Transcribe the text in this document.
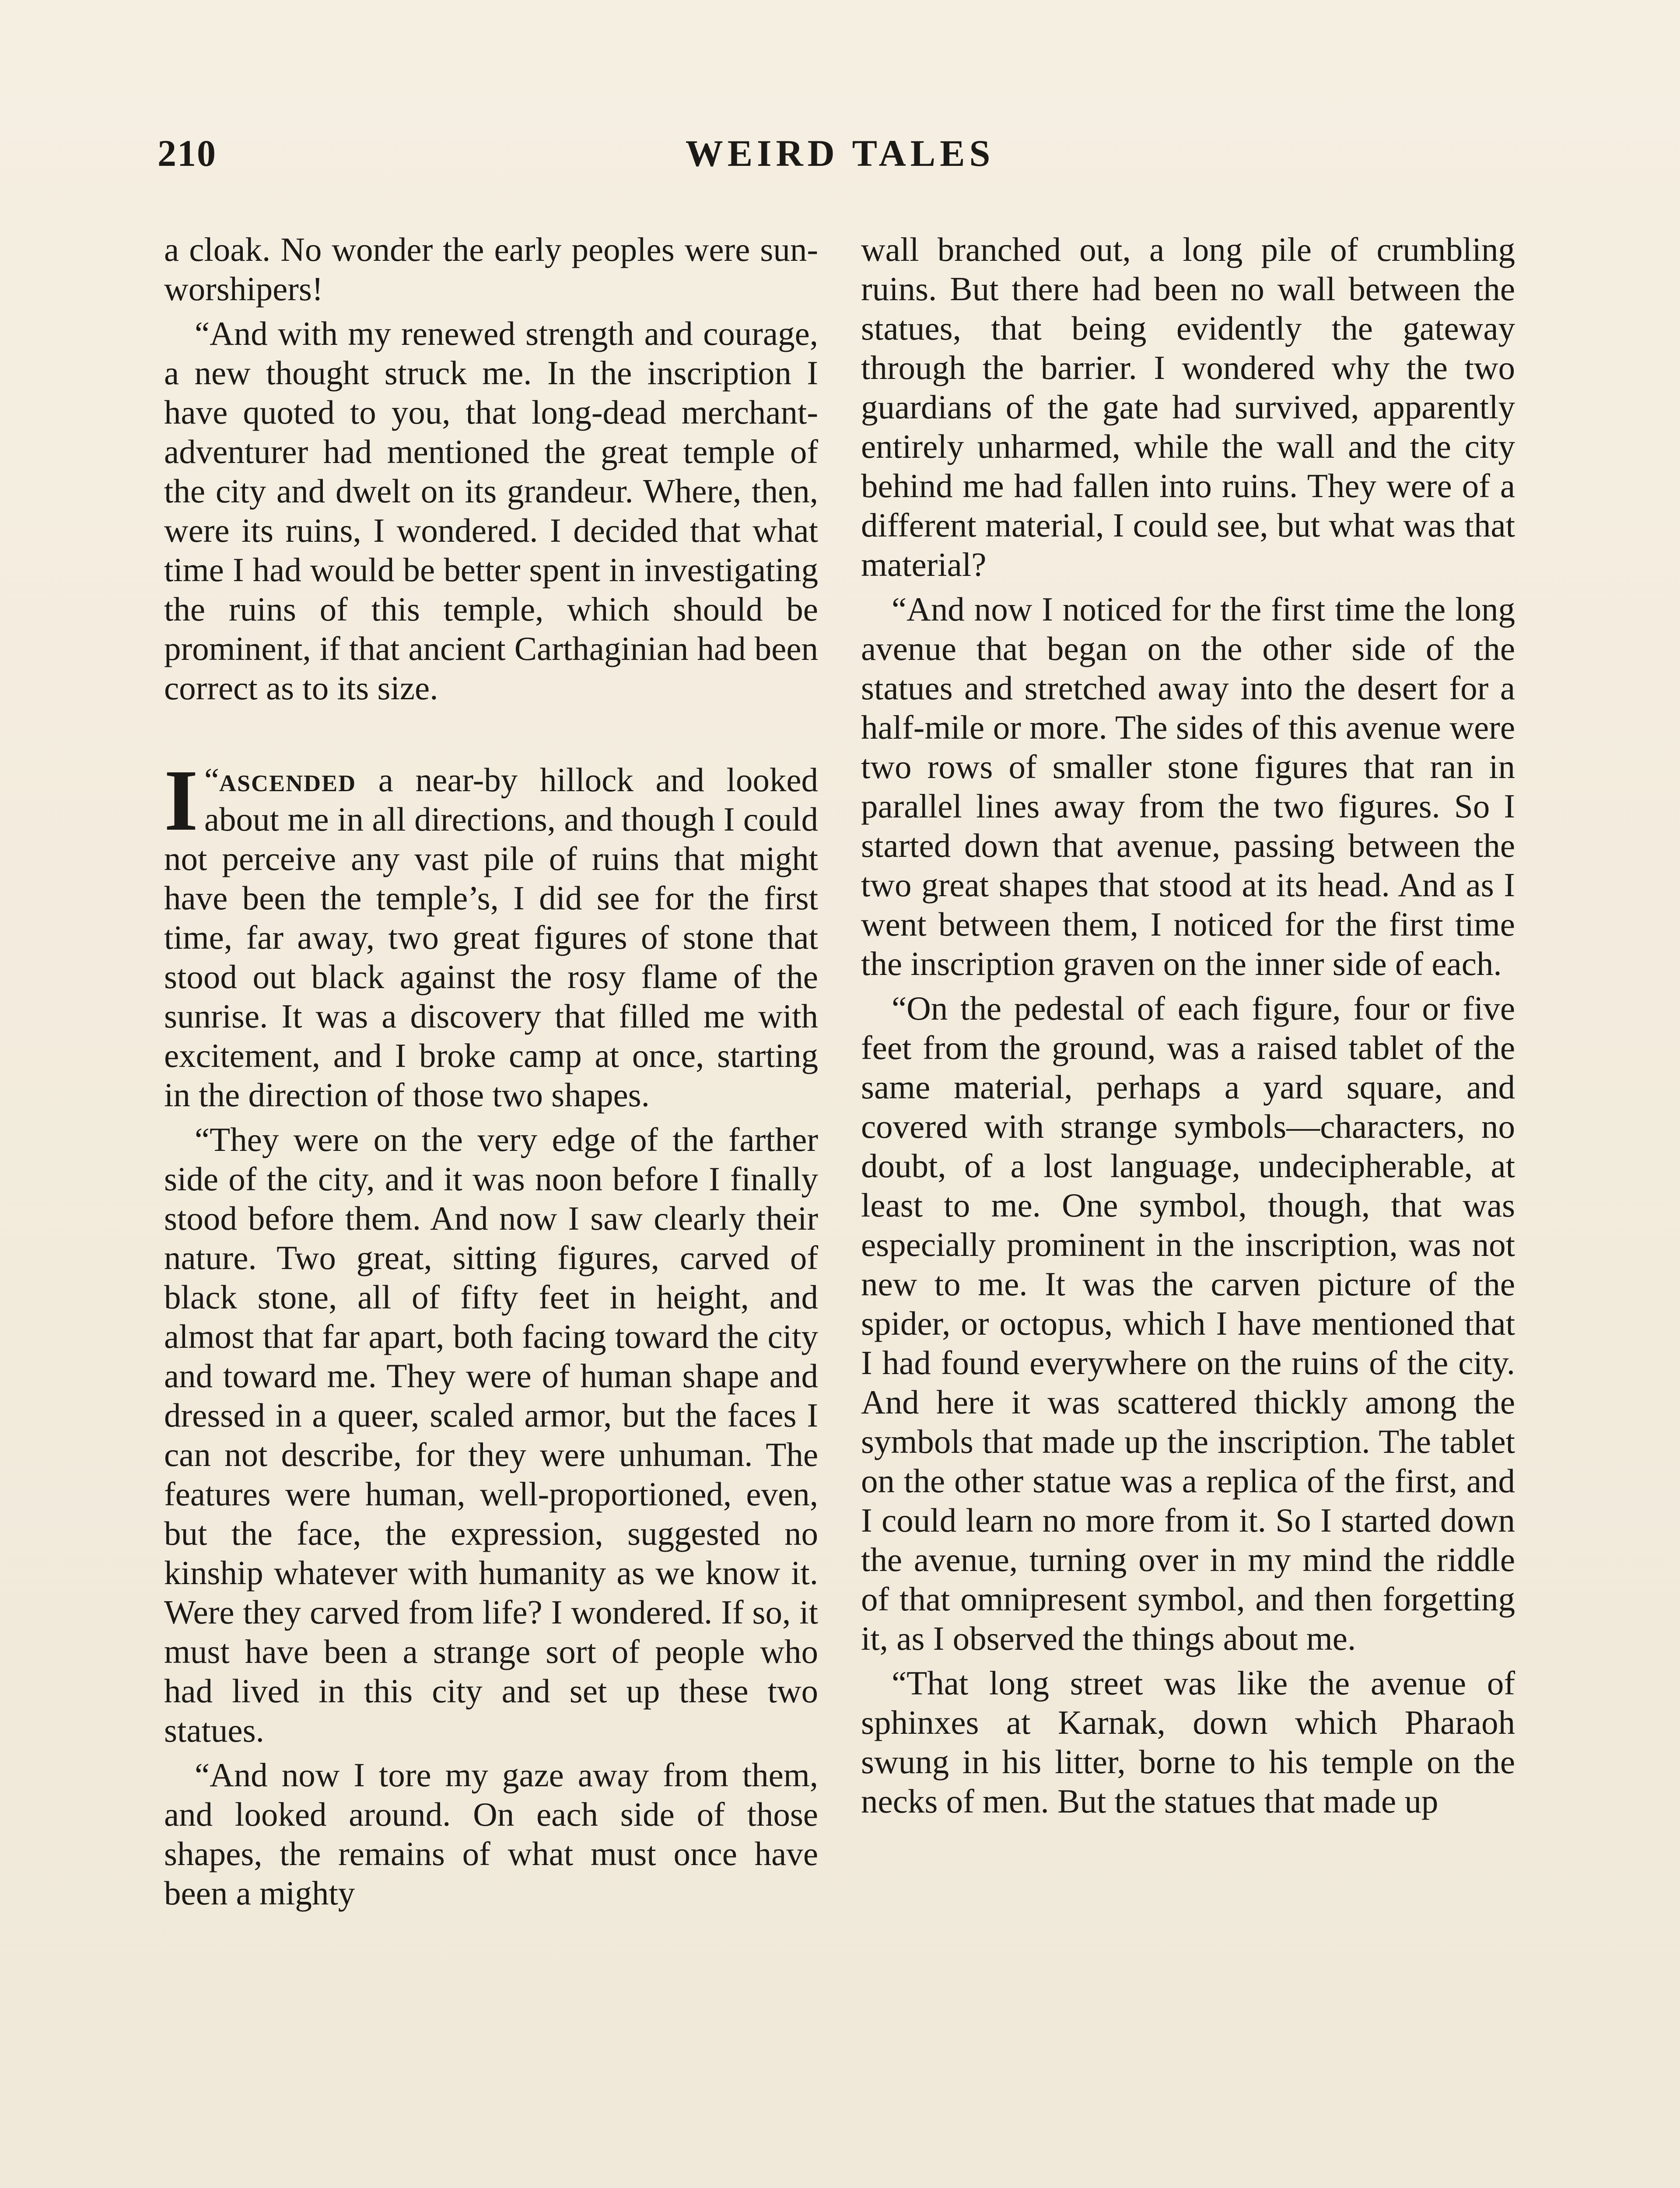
210	WEIRD TALES

a cloak. No wonder the early peoples were sun-worshipers!

“And with my renewed strength and courage, a new thought struck me. In the inscription I have quoted to you, that long-dead merchant-adventurer had mentioned the great temple of the city and dwelt on its grandeur. Where, then, were its ruins, I wondered. I decided that what time I had would be better spent in investigating the ruins of this temple, which should be prominent, if that ancient Carthaginian had been correct as to its size.

“
I ascended a near-by hillock and looked about me in all directions, and though I could not perceive any vast pile of ruins that might have been the temple’s, I did see for the first time, far away, two great figures of stone that stood out black against the rosy flame of the sunrise. It was a discovery that filled me with excitement, and I broke camp at once, starting in the direction of those two shapes.

“They were on the very edge of the farther side of the city, and it was noon before I finally stood before them. And now I saw clearly their nature. Two great, sitting figures, carved of black stone, all of fifty feet in height, and almost that far apart, both facing toward the city and toward me. They were of human shape and dressed in a queer, scaled armor, but the faces I can not describe, for they were unhuman. The features were human, well-proportioned, even, but the face, the expression, suggested no kinship whatever with humanity as we know it. Were they carved from life? I wondered. If so, it must have been a strange sort of people who had lived in this city and set up these two statues.

“And now I tore my gaze away from them, and looked around. On each side of those shapes, the remains of what must once have been a mighty

wall branched out, a long pile of crumbling ruins. But there had been no wall between the statues, that being evidently the gateway through the barrier. I wondered why the two guardians of the gate had survived, apparently entirely unharmed, while the wall and the city behind me had fallen into ruins. They were of a different material, I could see, but what was that material?

“And now I noticed for the first time the long avenue that began on the other side of the statues and stretched away into the desert for a half-mile or more. The sides of this avenue were two rows of smaller stone figures that ran in parallel lines away from the two figures. So I started down that avenue, passing between the two great shapes that stood at its head. And as I went between them, I noticed for the first time the inscription graven on the inner side of each.

“On the pedestal of each figure, four or five feet from the ground, was a raised tablet of the same material, perhaps a yard square, and covered with strange symbols—characters, no doubt, of a lost language, undecipherable, at least to me. One symbol, though, that was especially prominent in the inscription, was not new to me. It was the carven picture of the spider, or octopus, which I have mentioned that I had found everywhere on the ruins of the city. And here it was scattered thickly among the symbols that made up the inscription. The tablet on the other statue was a replica of the first, and I could learn no more from it. So I started down the avenue, turning over in my mind the riddle of that omnipresent symbol, and then forgetting it, as I observed the things about me.

“That long street was like the avenue of sphinxes at Karnak, down which Pharaoh swung in his litter, borne to his temple on the necks of men. But the statues that made up
